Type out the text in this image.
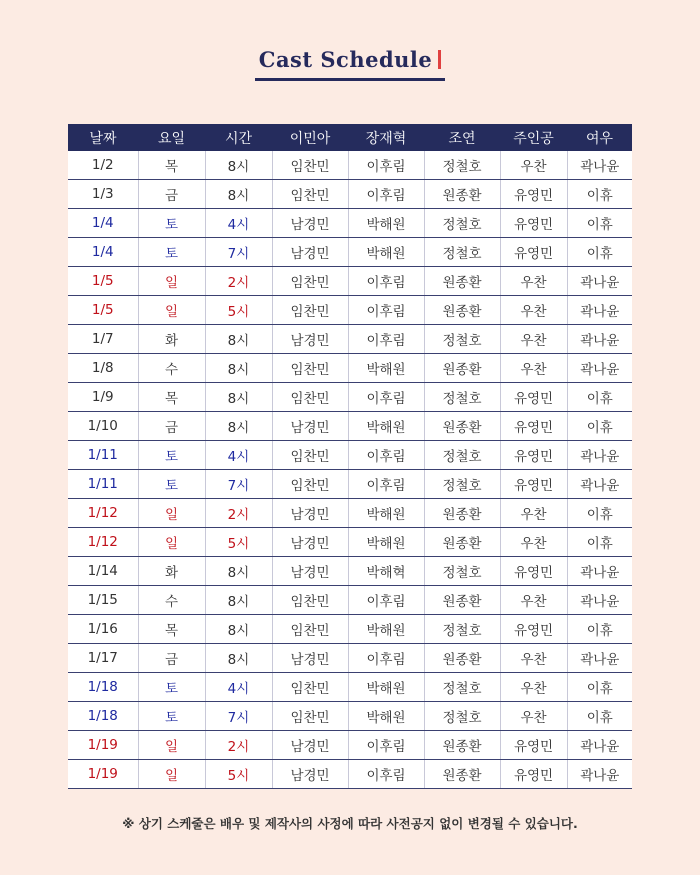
Cast Schedule
날짜	요일	시간	이민아	장재혁	조연	주인공	여우
1/2	목	8시	임찬민	이후림	정철호	우찬	곽나윤
1/3	금	8시	임찬민	이후림	원종환	유영민	이휴
1/4	토	4시	남경민	박해원	정철호	유영민	이휴
1/4	토	7시	남경민	박해원	정철호	유영민	이휴
1/5	일	2시	임찬민	이후림	원종환	우찬	곽나윤
1/5	일	5시	임찬민	이후림	원종환	우찬	곽나윤
1/7	화	8시	남경민	이후림	정철호	우찬	곽나윤
1/8	수	8시	임찬민	박해원	원종환	우찬	곽나윤
1/9	목	8시	임찬민	이후림	정철호	유영민	이휴
1/10	금	8시	남경민	박해원	원종환	유영민	이휴
1/11	토	4시	임찬민	이후림	정철호	유영민	곽나윤
1/11	토	7시	임찬민	이후림	정철호	유영민	곽나윤
1/12	일	2시	남경민	박해원	원종환	우찬	이휴
1/12	일	5시	남경민	박해원	원종환	우찬	이휴
1/14	화	8시	남경민	박해혁	정철호	유영민	곽나윤
1/15	수	8시	임찬민	이후림	원종환	우찬	곽나윤
1/16	목	8시	임찬민	박해원	정철호	유영민	이휴
1/17	금	8시	남경민	이후림	원종환	우찬	곽나윤
1/18	토	4시	임찬민	박해원	정철호	우찬	이휴
1/18	토	7시	임찬민	박해원	정철호	우찬	이휴
1/19	일	2시	남경민	이후림	원종환	유영민	곽나윤
1/19	일	5시	남경민	이후림	원종환	유영민	곽나윤
※ 상기 스케줄은 배우 및 제작사의 사정에 따라 사전공지 없이 변경될 수 있습니다.
